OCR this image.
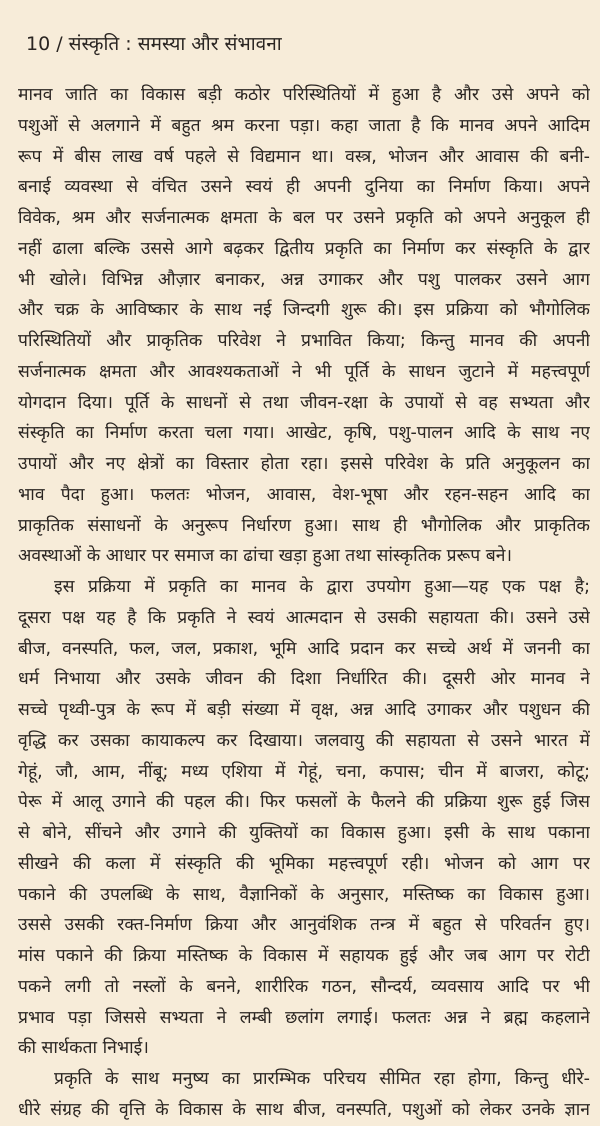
10 / संस्कृति : समस्या और संभावना
मानव जाति का विकास बड़ी कठोर परिस्थितियों में हुआ है और उसे अपने को
पशुओं से अलगाने में बहुत श्रम करना पड़ा। कहा जाता है कि मानव अपने आदिम
रूप में बीस लाख वर्ष पहले से विद्यमान था। वस्त्र, भोजन और आवास की बनी-
बनाई व्यवस्था से वंचित उसने स्वयं ही अपनी दुनिया का निर्माण किया। अपने
विवेक, श्रम और सर्जनात्मक क्षमता के बल पर उसने प्रकृति को अपने अनुकूल ही
नहीं ढाला बल्कि उससे आगे बढ़कर द्वितीय प्रकृति का निर्माण कर संस्कृति के द्वार
भी खोले। विभिन्न औज़ार बनाकर, अन्न उगाकर और पशु पालकर उसने आग
और चक्र के आविष्कार के साथ नई जिन्दगी शुरू की। इस प्रक्रिया को भौगोलिक
परिस्थितियों और प्राकृतिक परिवेश ने प्रभावित किया; किन्तु मानव की अपनी
सर्जनात्मक क्षमता और आवश्यकताओं ने भी पूर्ति के साधन जुटाने में महत्त्वपूर्ण
योगदान दिया। पूर्ति के साधनों से तथा जीवन-रक्षा के उपायों से वह सभ्यता और
संस्कृति का निर्माण करता चला गया। आखेट, कृषि, पशु-पालन आदि के साथ नए
उपायों और नए क्षेत्रों का विस्तार होता रहा। इससे परिवेश के प्रति अनुकूलन का
भाव पैदा हुआ। फलतः भोजन, आवास, वेश-भूषा और रहन-सहन आदि का
प्राकृतिक संसाधनों के अनुरूप निर्धारण हुआ। साथ ही भौगोलिक और प्राकृतिक
अवस्थाओं के आधार पर समाज का ढांचा खड़ा हुआ तथा सांस्कृतिक प्ररूप बने।
इस प्रक्रिया में प्रकृति का मानव के द्वारा उपयोग हुआ—यह एक पक्ष है;
दूसरा पक्ष यह है कि प्रकृति ने स्वयं आत्मदान से उसकी सहायता की। उसने उसे
बीज, वनस्पति, फल, जल, प्रकाश, भूमि आदि प्रदान कर सच्चे अर्थ में जननी का
धर्म निभाया और उसके जीवन की दिशा निर्धारित की। दूसरी ओर मानव ने
सच्चे पृथ्वी-पुत्र के रूप में बड़ी संख्या में वृक्ष, अन्न आदि उगाकर और पशुधन की
वृद्धि कर उसका कायाकल्प कर दिखाया। जलवायु की सहायता से उसने भारत में
गेहूं, जौ, आम, नींबू; मध्य एशिया में गेहूं, चना, कपास; चीन में बाजरा, कोटू;
पेरू में आलू उगाने की पहल की। फिर फसलों के फैलने की प्रक्रिया शुरू हुई जिस
से बोने, सींचने और उगाने की युक्तियों का विकास हुआ। इसी के साथ पकाना
सीखने की कला में संस्कृति की भूमिका महत्त्वपूर्ण रही। भोजन को आग पर
पकाने की उपलब्धि के साथ, वैज्ञानिकों के अनुसार, मस्तिष्क का विकास हुआ।
उससे उसकी रक्त-निर्माण क्रिया और आनुवंशिक तन्त्र में बहुत से परिवर्तन हुए।
मांस पकाने की क्रिया मस्तिष्क के विकास में सहायक हुई और जब आग पर रोटी
पकने लगी तो नस्लों के बनने, शारीरिक गठन, सौन्दर्य, व्यवसाय आदि पर भी
प्रभाव पड़ा जिससे सभ्यता ने लम्बी छलांग लगाई। फलतः अन्न ने ब्रह्म कहलाने
की सार्थकता निभाई।
प्रकृति के साथ मनुष्य का प्रारम्भिक परिचय सीमित रहा होगा, किन्तु धीरे-
धीरे संग्रह की वृत्ति के विकास के साथ बीज, वनस्पति, पशुओं को लेकर उनके ज्ञान
